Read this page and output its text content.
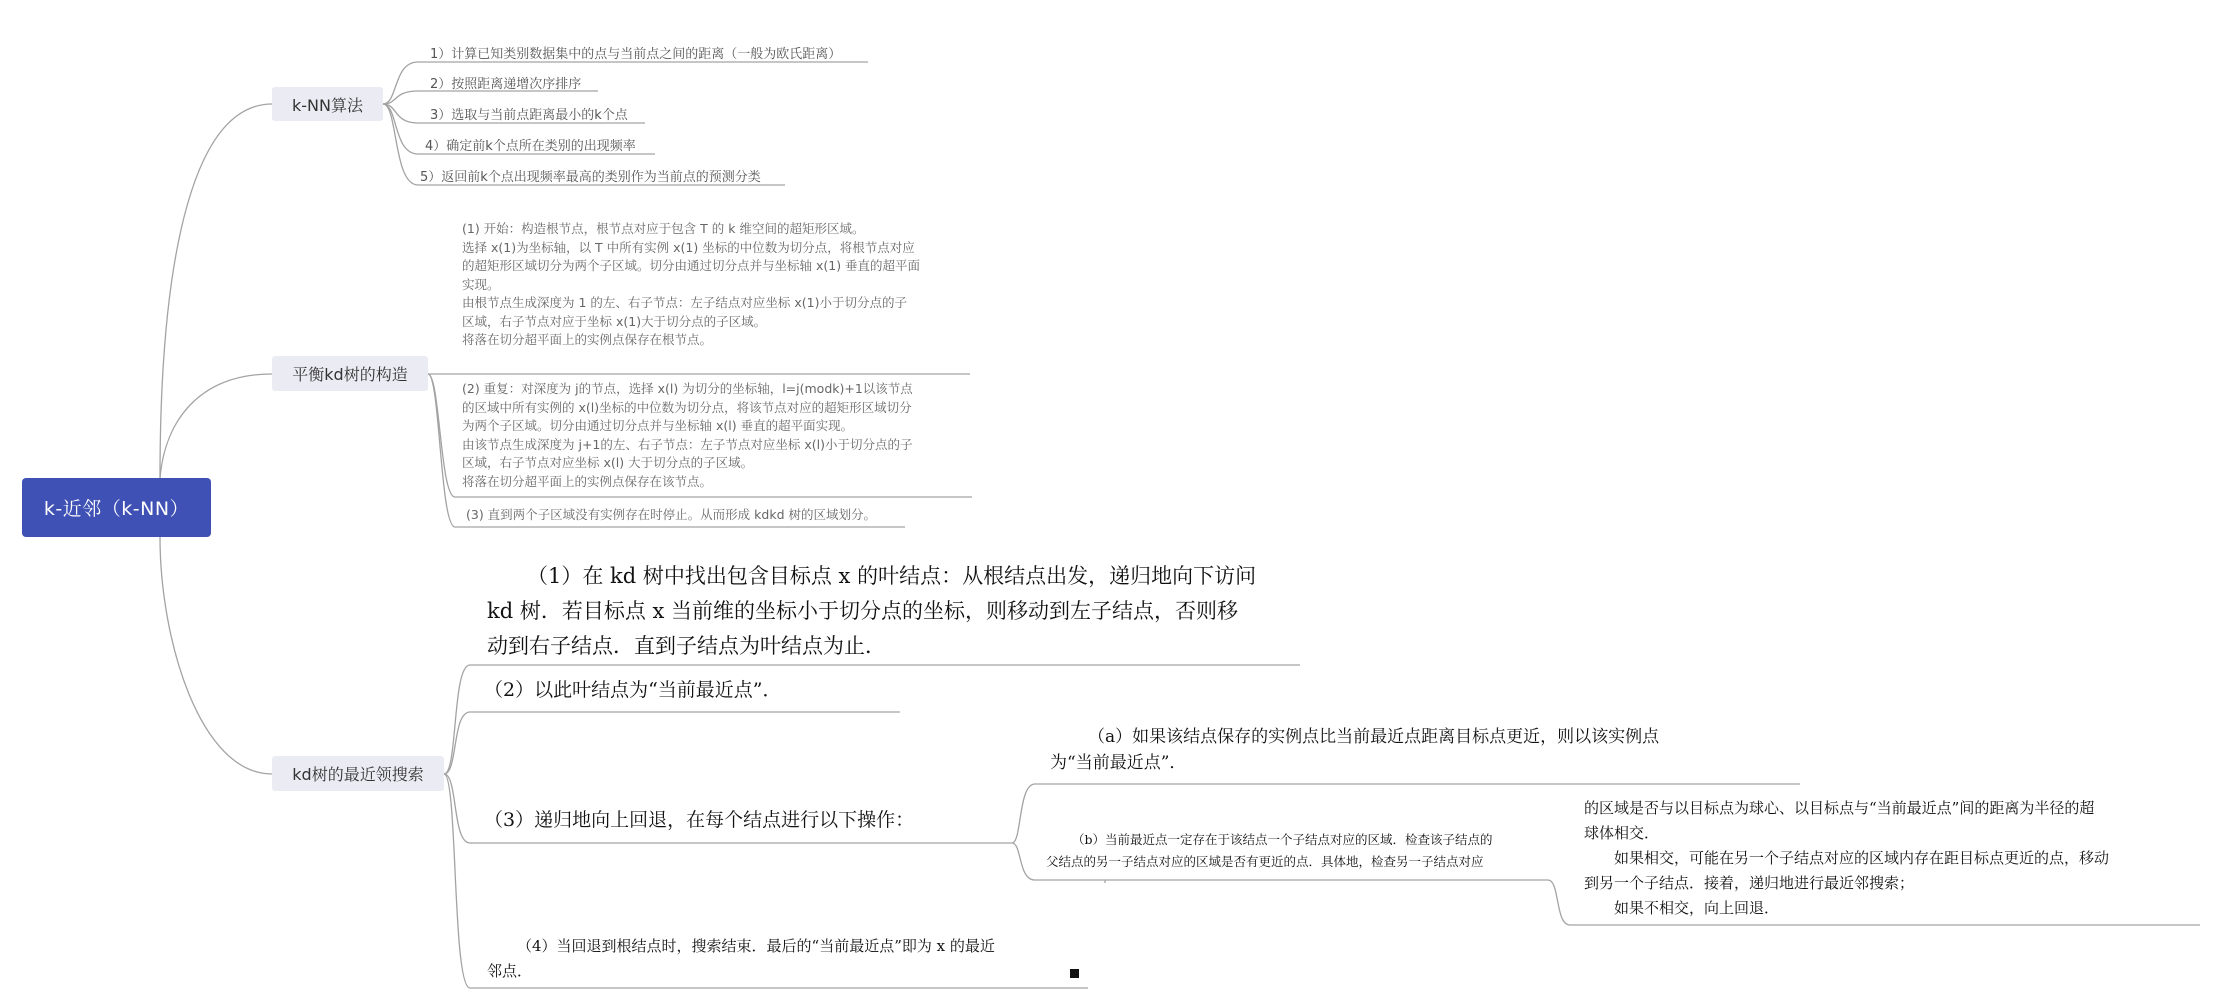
k-近邻（k-NN）
k-NN算法
1）计算已知类别数据集中的点与当前点之间的距离（一般为欧氏距离）
2）按照距离递增次序排序
3）选取与当前点距离最小的k个点
4）确定前k个点所在类别的出现频率
5）返回前k个点出现频率最高的类别作为当前点的预测分类
平衡kd树的构造
(1) 开始：构造根节点，根节点对应于包含 T 的 k 维空间的超矩形区域。
选择 x(1)为坐标轴，以 T 中所有实例 x(1) 坐标的中位数为切分点，将根节点对应
的超矩形区域切分为两个子区域。切分由通过切分点并与坐标轴 x(1) 垂直的超平面
实现。
由根节点生成深度为 1 的左、右子节点：左子结点对应坐标 x(1)小于切分点的子
区域，右子节点对应于坐标 x(1)大于切分点的子区域。
将落在切分超平面上的实例点保存在根节点。
(2) 重复：对深度为 j的节点，选择 x(l) 为切分的坐标轴，l=j(modk)+1以该节点
的区域中所有实例的 x(l)坐标的中位数为切分点，将该节点对应的超矩形区域切分
为两个子区域。切分由通过切分点并与坐标轴 x(l) 垂直的超平面实现。
由该节点生成深度为 j+1的左、右子节点：左子节点对应坐标 x(l)小于切分点的子
区域，右子节点对应坐标 x(l) 大于切分点的子区域。
将落在切分超平面上的实例点保存在该节点。
(3) 直到两个子区域没有实例存在时停止。从而形成 kdkd 树的区域划分。
kd树的最近领搜索
（1）在 kd 树中找出包含目标点 x 的叶结点：从根结点出发，递归地向下访问
kd 树．若目标点 x 当前维的坐标小于切分点的坐标，则移动到左子结点，否则移
动到右子结点．直到子结点为叶结点为止．
（2）以此叶结点为“当前最近点”．
（3）递归地向上回退，在每个结点进行以下操作：
（a）如果该结点保存的实例点比当前最近点距离目标点更近，则以该实例点
为“当前最近点”．
（b）当前最近点一定存在于该结点一个子结点对应的区域．检查该子结点的
父结点的另一子结点对应的区域是否有更近的点．具体地，检查另一子结点对应
的区域是否与以目标点为球心、以目标点与“当前最近点”间的距离为半径的超
球体相交．
如果相交，可能在另一个子结点对应的区域内存在距目标点更近的点，移动
到另一个子结点．接着，递归地进行最近邻搜索；
如果不相交，向上回退．
（4）当回退到根结点时，搜索结束．最后的“当前最近点”即为 x 的最近
邻点．
